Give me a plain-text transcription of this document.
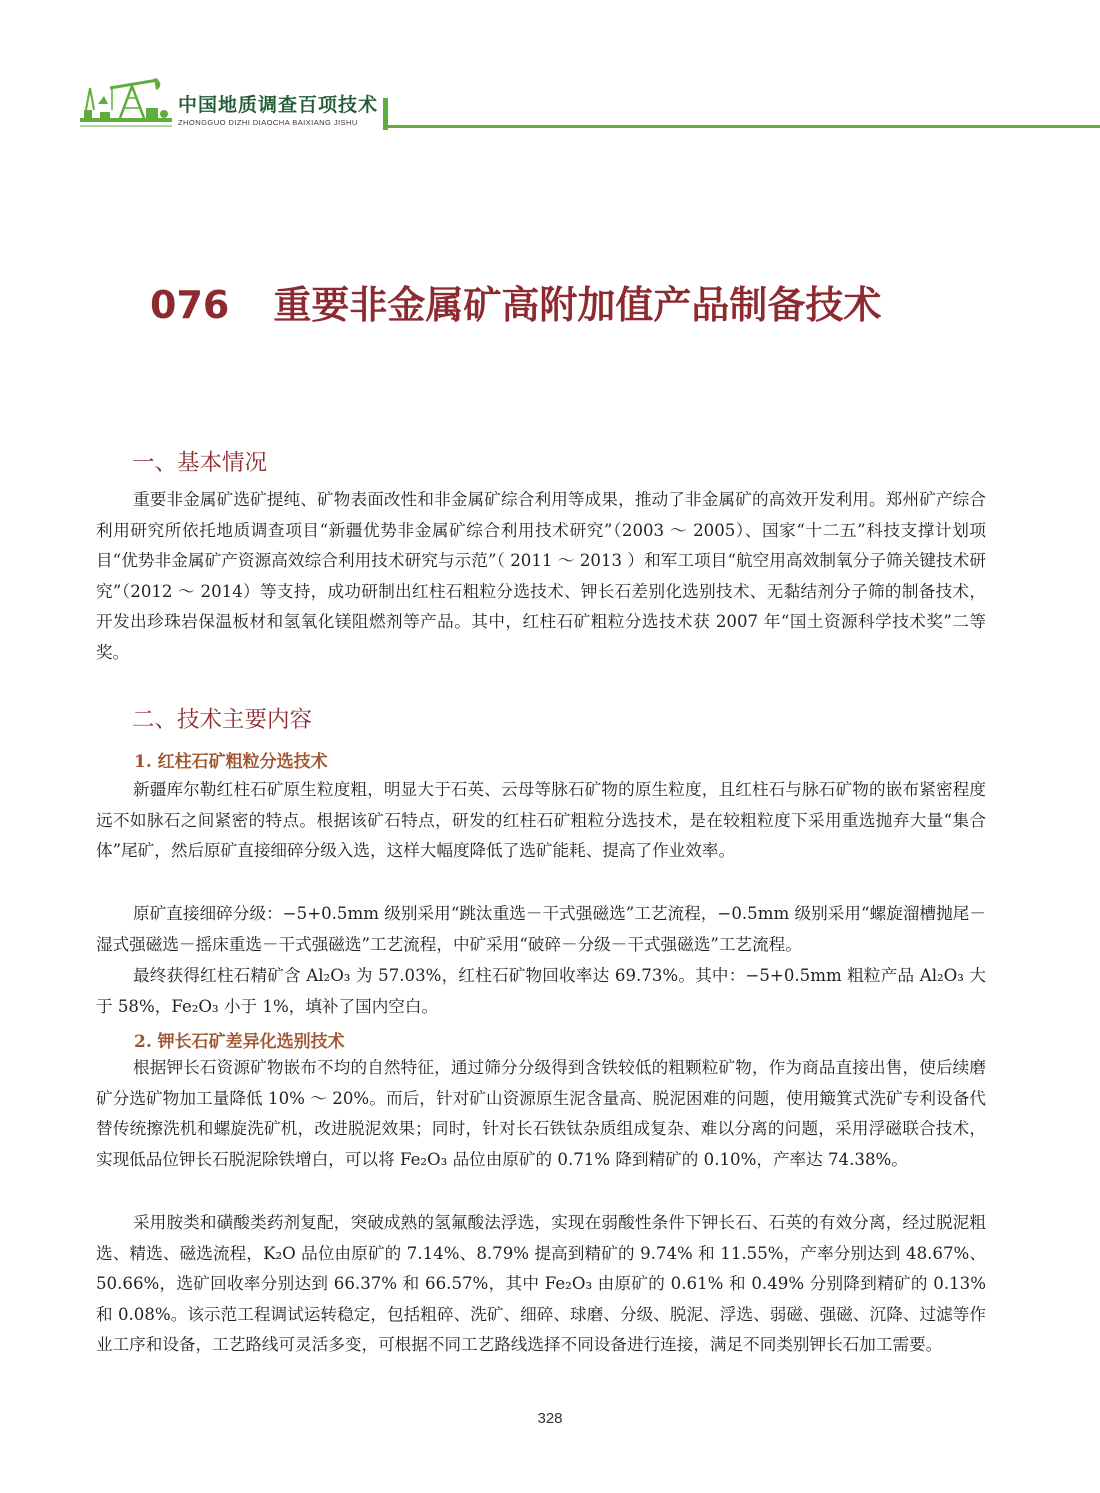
中国地质调查百项技术
ZHONGGUO DIZHI DIAOCHA BAIXIANG JISHU
076 重要非金属矿高附加值产品制备技术
一、基本情况
重要非金属矿选矿提纯、矿物表面改性和非金属矿综合利用等成果，推动了非金属矿的高效开发利用。郑州矿产综合利用研究所依托地质调查项目“新疆优势非金属矿综合利用技术研究”（2003 ～ 2005）、国家“十二五”科技支撑计划项目“优势非金属矿产资源高效综合利用技术研究与示范”（ 2011 ～ 2013 ）和军工项目“航空用高效制氧分子筛关键技术研究”（2012 ～ 2014）等支持，成功研制出红柱石粗粒分选技术、钾长石差别化选别技术、无黏结剂分子筛的制备技术，开发出珍珠岩保温板材和氢氧化镁阻燃剂等产品。其中，红柱石矿粗粒分选技术获 2007 年“国土资源科学技术奖”二等奖。
二、技术主要内容
1. 红柱石矿粗粒分选技术
新疆库尔勒红柱石矿原生粒度粗，明显大于石英、云母等脉石矿物的原生粒度，且红柱石与脉石矿物的嵌布紧密程度远不如脉石之间紧密的特点。根据该矿石特点，研发的红柱石矿粗粒分选技术，是在较粗粒度下采用重选抛弃大量“集合体”尾矿，然后原矿直接细碎分级入选，这样大幅度降低了选矿能耗、提高了作业效率。
原矿直接细碎分级：−5+0.5mm 级别采用“跳汰重选－干式强磁选”工艺流程，−0.5mm 级别采用“螺旋溜槽抛尾－湿式强磁选－摇床重选－干式强磁选”工艺流程，中矿采用“破碎－分级－干式强磁选”工艺流程。
最终获得红柱石精矿含 Al₂O₃ 为 57.03%，红柱石矿物回收率达 69.73%。其中：−5+0.5mm 粗粒产品 Al₂O₃ 大于 58%，Fe₂O₃ 小于 1%，填补了国内空白。
2. 钾长石矿差异化选别技术
根据钾长石资源矿物嵌布不均的自然特征，通过筛分分级得到含铁较低的粗颗粒矿物，作为商品直接出售，使后续磨矿分选矿物加工量降低 10% ～ 20%。而后，针对矿山资源原生泥含量高、脱泥困难的问题，使用簸箕式洗矿专利设备代替传统擦洗机和螺旋洗矿机，改进脱泥效果；同时，针对长石铁钛杂质组成复杂、难以分离的问题，采用浮磁联合技术，实现低品位钾长石脱泥除铁增白，可以将 Fe₂O₃ 品位由原矿的 0.71% 降到精矿的 0.10%，产率达 74.38%。
采用胺类和磺酸类药剂复配，突破成熟的氢氟酸法浮选，实现在弱酸性条件下钾长石、石英的有效分离，经过脱泥粗选、精选、磁选流程，K₂O 品位由原矿的 7.14%、8.79% 提高到精矿的 9.74% 和 11.55%，产率分别达到 48.67%、50.66%，选矿回收率分别达到 66.37% 和 66.57%，其中 Fe₂O₃ 由原矿的 0.61% 和 0.49% 分别降到精矿的 0.13% 和 0.08%。该示范工程调试运转稳定，包括粗碎、洗矿、细碎、球磨、分级、脱泥、浮选、弱磁、强磁、沉降、过滤等作业工序和设备，工艺路线可灵活多变，可根据不同工艺路线选择不同设备进行连接，满足不同类别钾长石加工需要。
328
